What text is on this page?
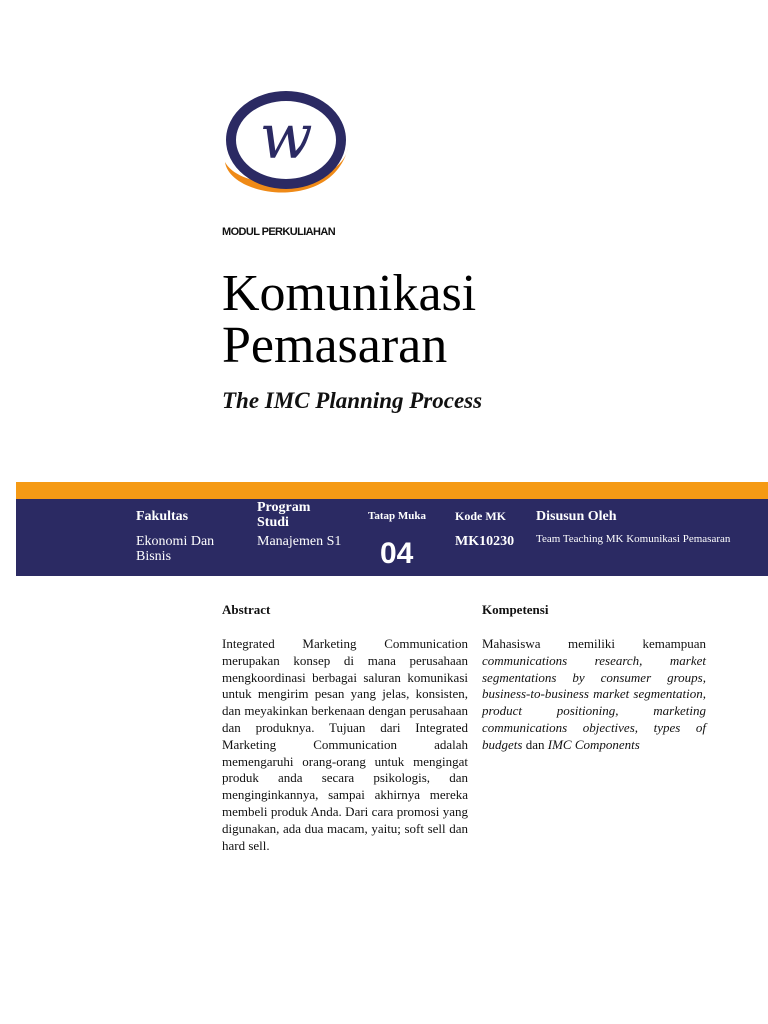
w
MODUL PERKULIAHAN
Komunikasi
Pemasaran
The IMC Planning Process
Fakultas
Ekonomi Dan
Bisnis
Program
Studi
Manajemen S1
Tatap Muka
04
Kode MK
MK10230
Disusun Oleh
Team Teaching MK Komunikasi Pemasaran
Abstract
Integrated Marketing Communication merupakan konsep di mana perusahaan mengkoordinasi berbagai saluran komunikasi untuk mengirim pesan yang jelas, konsisten, dan meyakinkan berkenaan dengan perusahaan dan produknya. Tujuan dari Integrated Marketing Communication adalah memengaruhi orang-orang untuk mengingat produk anda secara psikologis, dan menginginkannya, sampai akhirnya mereka membeli produk Anda. Dari cara promosi yang digunakan, ada dua macam, yaitu; soft sell dan hard sell.
Kompetensi
Mahasiswa memiliki kemampuan communications research, market segmentations by consumer groups, business-to-business market segmentation, product positioning, marketing communications objectives, types of budgets dan IMC Components
